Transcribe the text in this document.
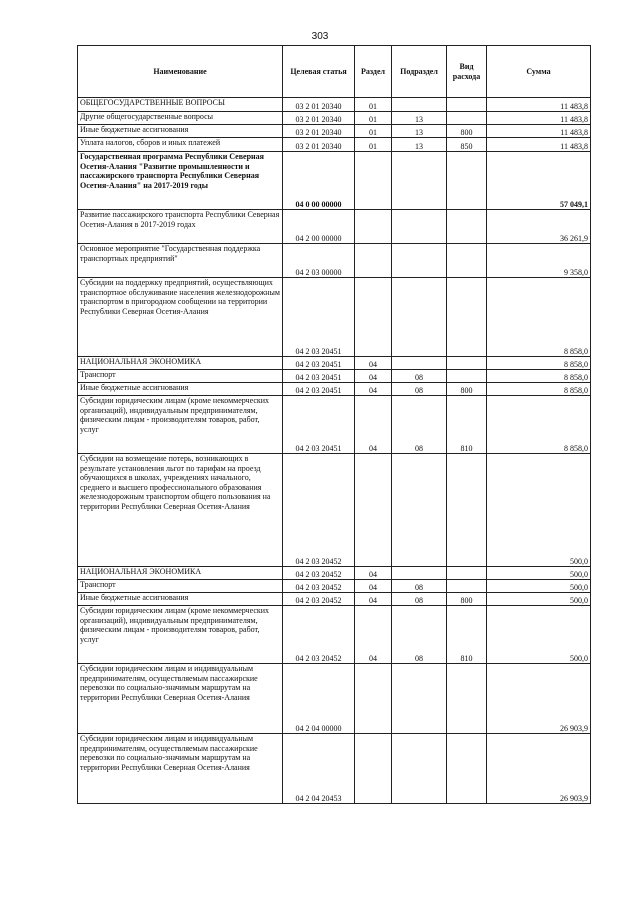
303
Наименование	Целевая статья	Раздел	Подраздел	Вид расхода	Сумма
ОБЩЕГОСУДАРСТВЕННЫЕ ВОПРОСЫ	03 2 01 20340	01			11 483,8
Другие общегосударственные вопросы	03 2 01 20340	01	13		11 483,8
Иные бюджетные ассигнования	03 2 01 20340	01	13	800	11 483,8
Уплата налогов, сборов и иных платежей	03 2 01 20340	01	13	850	11 483,8
Государственная программа Республики Северная Осетия-Алания "Развитие промышленности и пассажирского транспорта Республики Северная Осетия-Алания" на 2017-2019 годы	04 0 00 00000				57 049,1
Развитие пассажирского транспорта Республики Северная Осетия-Алания в 2017-2019 годах	04 2 00 00000				36 261,9
Основное мероприятие "Государственная поддержка транспортных предприятий"	04 2 03 00000				9 358,0
Субсидии на поддержку предприятий, осуществляющих транспортное обслуживание населения железнодорожным транспортом в пригородном сообщении на территории Республики Северная Осетия-Алания	04 2 03 20451				8 858,0
НАЦИОНАЛЬНАЯ ЭКОНОМИКА	04 2 03 20451	04			8 858,0
Транспорт	04 2 03 20451	04	08		8 858,0
Иные бюджетные ассигнования	04 2 03 20451	04	08	800	8 858,0
Субсидии юридическим лицам (кроме некоммерческих организаций), индивидуальным предпринимателям, физическим лицам - производителям товаров, работ, услуг	04 2 03 20451	04	08	810	8 858,0
Субсидии на возмещение потерь, возникающих в результате установления льгот по тарифам на проезд обучающихся в школах, учреждениях начального, среднего и высшего профессионального образования железнодорожным транспортом общего пользования на территории Республики Северная Осетия-Алания	04 2 03 20452				500,0
НАЦИОНАЛЬНАЯ ЭКОНОМИКА	04 2 03 20452	04			500,0
Транспорт	04 2 03 20452	04	08		500,0
Иные бюджетные ассигнования	04 2 03 20452	04	08	800	500,0
Субсидии юридическим лицам (кроме некоммерческих организаций), индивидуальным предпринимателям, физическим лицам - производителям товаров, работ, услуг	04 2 03 20452	04	08	810	500,0
Субсидии юридическим лицам и индивидуальным предпринимателям, осуществляемым пассажирские перевозки по социально-значимым маршрутам на территории Республики Северная Осетия-Алания	04 2 04 00000				26 903,9
Субсидии юридическим лицам и индивидуальным предпринимателям, осуществляемым пассажирские перевозки по социально-значимым маршрутам на территории Республики Северная Осетия-Алания	04 2 04 20453				26 903,9
